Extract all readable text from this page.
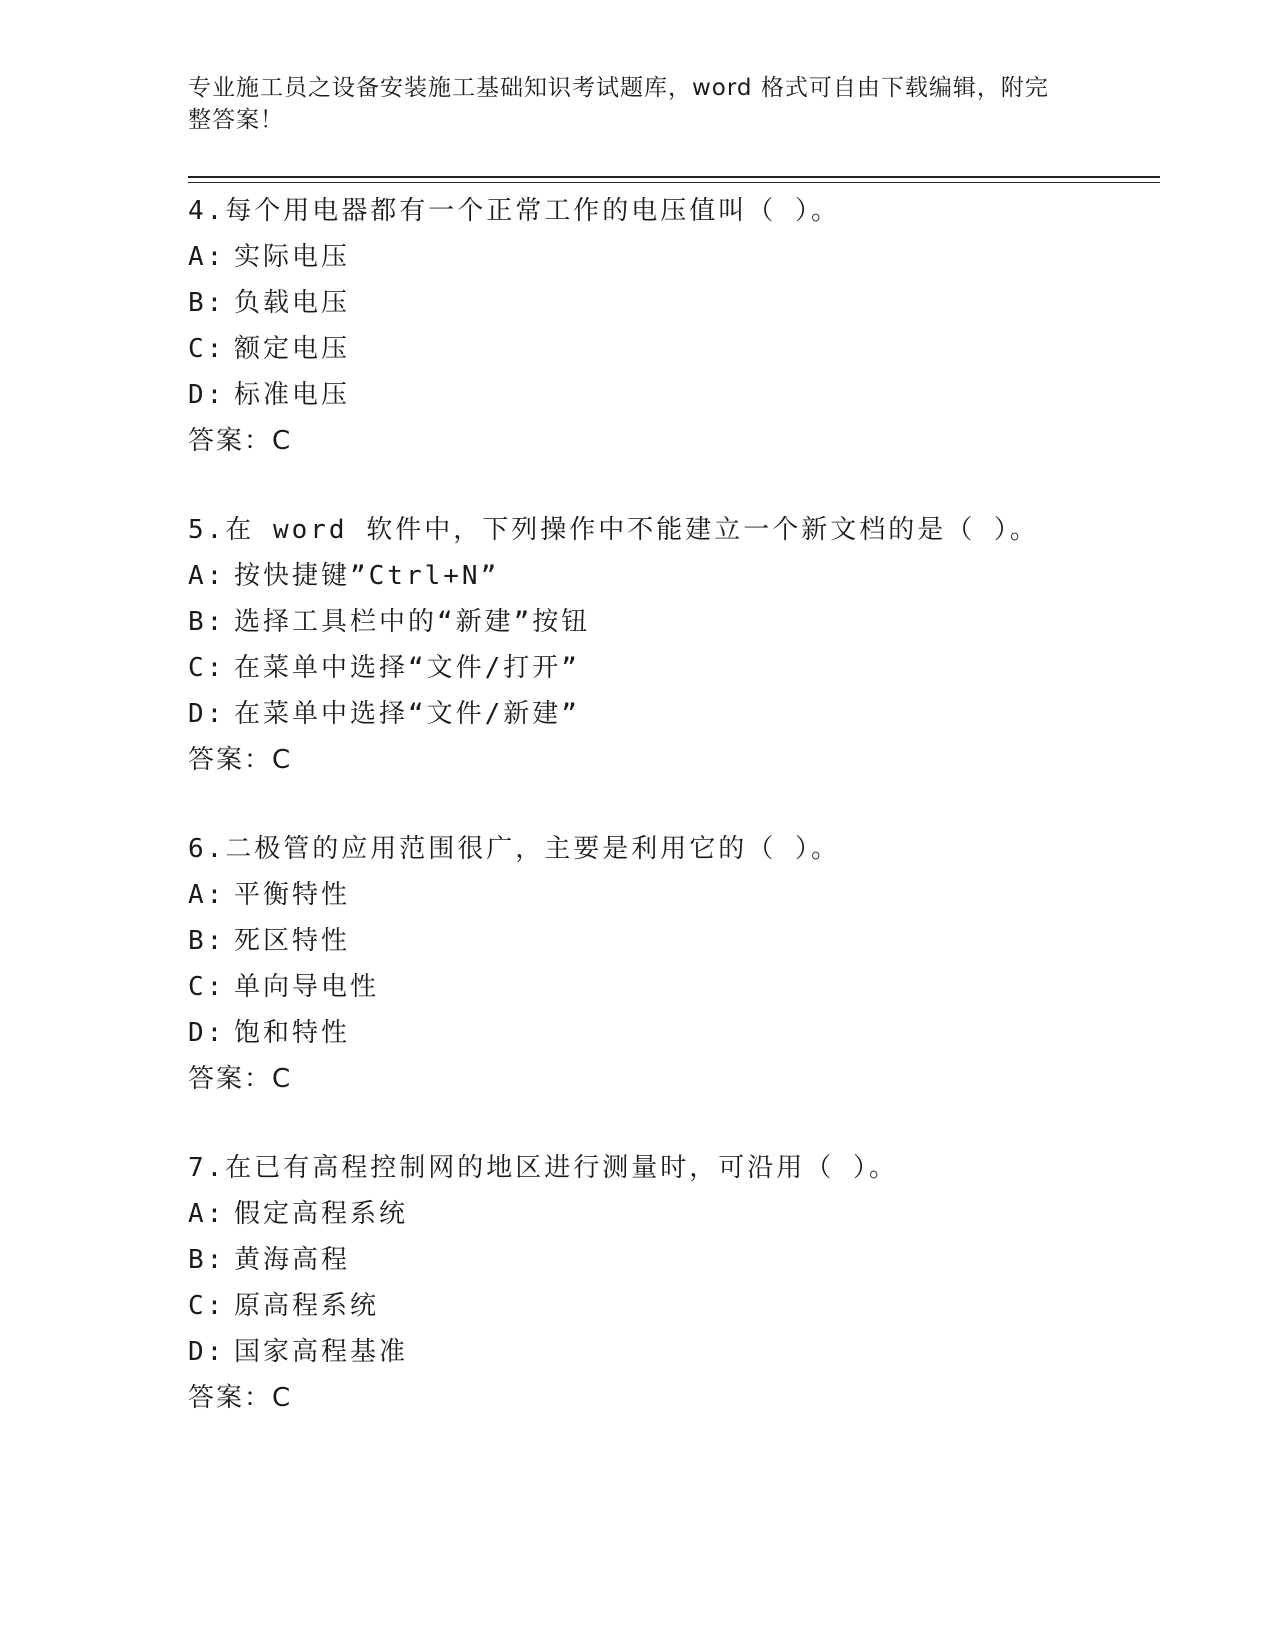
专业施工员之设备安装施工基础知识考试题库，word 格式可自由下载编辑，附完
整答案！
4.每个用电器都有一个正常工作的电压值叫（ ）。
A: 实际电压
B: 负载电压
C: 额定电压
D: 标准电压
答案：C
5.在 word 软件中，下列操作中不能建立一个新文档的是（ ）。
A: 按快捷键”Ctrl+N”
B: 选择工具栏中的“新建”按钮
C: 在菜单中选择“文件/打开”
D: 在菜单中选择“文件/新建”
答案：C
6.二极管的应用范围很广，主要是利用它的（ ）。
A: 平衡特性
B: 死区特性
C: 单向导电性
D: 饱和特性
答案：C
7.在已有高程控制网的地区进行测量时，可沿用（ ）。
A: 假定高程系统
B: 黄海高程
C: 原高程系统
D: 国家高程基准
答案：C
